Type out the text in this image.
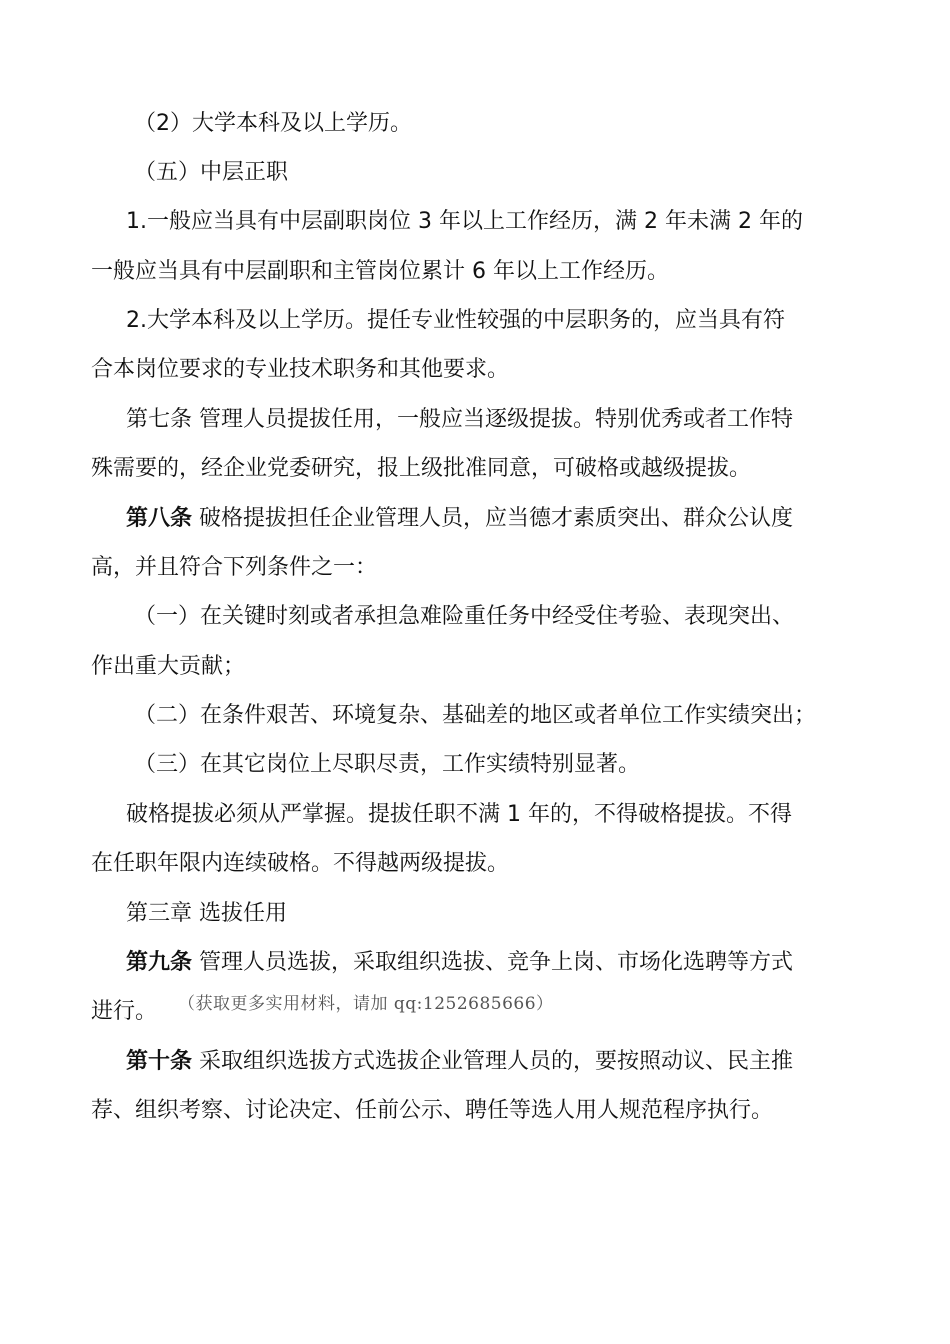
（2）大学本科及以上学历。
（五）中层正职
1.一般应当具有中层副职岗位 3 年以上工作经历，满 2 年未满 2 年的
一般应当具有中层副职和主管岗位累计 6 年以上工作经历。
2.大学本科及以上学历。提任专业性较强的中层职务的，应当具有符
合本岗位要求的专业技术职务和其他要求。
第七条 管理人员提拔任用，一般应当逐级提拔。特别优秀或者工作特
殊需要的，经企业党委研究，报上级批准同意，可破格或越级提拔。
第八条 破格提拔担任企业管理人员，应当德才素质突出、群众公认度
高，并且符合下列条件之一：
（一）在关键时刻或者承担急难险重任务中经受住考验、表现突出、
作出重大贡献；
（二）在条件艰苦、环境复杂、基础差的地区或者单位工作实绩突出；
（三）在其它岗位上尽职尽责，工作实绩特别显著。
破格提拔必须从严掌握。提拔任职不满 1 年的，不得破格提拔。不得
在任职年限内连续破格。不得越两级提拔。
第三章 选拔任用
第九条 管理人员选拔，采取组织选拔、竞争上岗、市场化选聘等方式
进行。	（获取更多实用材料，请加 qq:1252685666）
第十条 采取组织选拔方式选拔企业管理人员的，要按照动议、民主推
荐、组织考察、讨论决定、任前公示、聘任等选人用人规范程序执行。
